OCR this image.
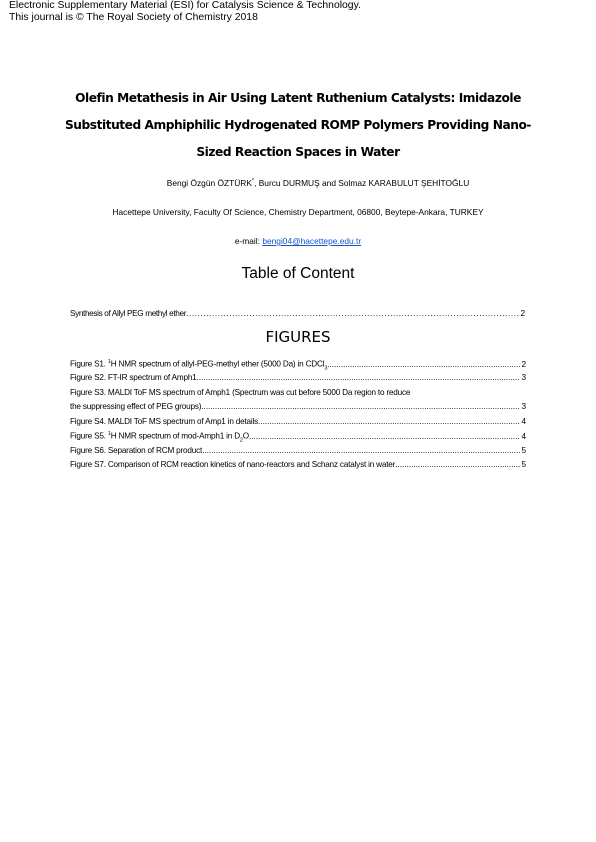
Electronic Supplementary Material (ESI) for Catalysis Science & Technology.
This journal is © The Royal Society of Chemistry 2018
Olefin Metathesis in Air Using Latent Ruthenium Catalysts: Imidazole
Substituted Amphiphilic Hydrogenated ROMP Polymers Providing Nano-
Sized Reaction Spaces in Water
Bengi Özgün ÖZTÜRK*, Burcu DURMUŞ and Solmaz KARABULUT ŞEHİTOĞLU
Hacettepe University, Faculty Of Science, Chemistry Department, 06800, Beytepe-Ankara, TURKEY
e-mail: bengi04@hacettepe.edu.tr
Table of Content
Synthesis of Allyl PEG methyl ether .....	2
FIGURES
Figure S1. $^1$H NMR spectrum of allyl-PEG-methyl ether (5000 Da) in CDCl$_3$ .....	2
Figure S2. FT-IR spectrum of Amph1 .....	3
Figure S3. MALDI ToF MS spectrum of Amph1 (Spectrum was cut before 5000 Da region to reduce
the suppressing effect of PEG groups) .....	3
Figure S4. MALDI ToF MS spectrum of Amp1 in details .....	4
Figure S5. $^1$H NMR spectrum of mod-Amph1 in $D_2O$ .....	4
Figure S6. Separation of RCM product .....	5
Figure S7. Comparison of RCM reaction kinetics of nano-reactors and Schanz catalyst in water .....	5
